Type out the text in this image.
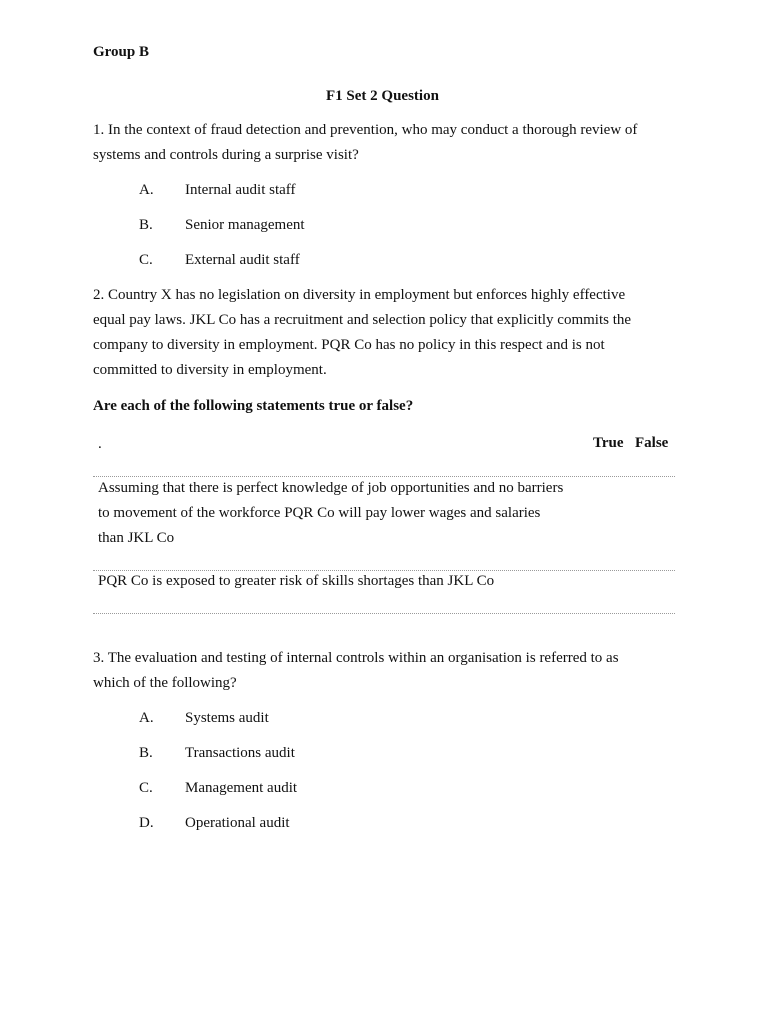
Group B
F1 Set 2 Question
1. In the context of fraud detection and prevention, who may conduct a thorough review of
systems and controls during a surprise visit?
A. Internal audit staff
B. Senior management
C. External audit staff
2. Country X has no legislation on diversity in employment but enforces highly effective
equal pay laws. JKL Co has a recruitment and selection policy that explicitly commits the
company to diversity in employment. PQR Co has no policy in this respect and is not
committed to diversity in employment.
Are each of the following statements true or false?
.	True False
Assuming that there is perfect knowledge of job opportunities and no barriers
to movement of the workforce PQR Co will pay lower wages and salaries
than JKL Co
PQR Co is exposed to greater risk of skills shortages than JKL Co
3. The evaluation and testing of internal controls within an organisation is referred to as
which of the following?
A. Systems audit
B. Transactions audit
C. Management audit
D. Operational audit
